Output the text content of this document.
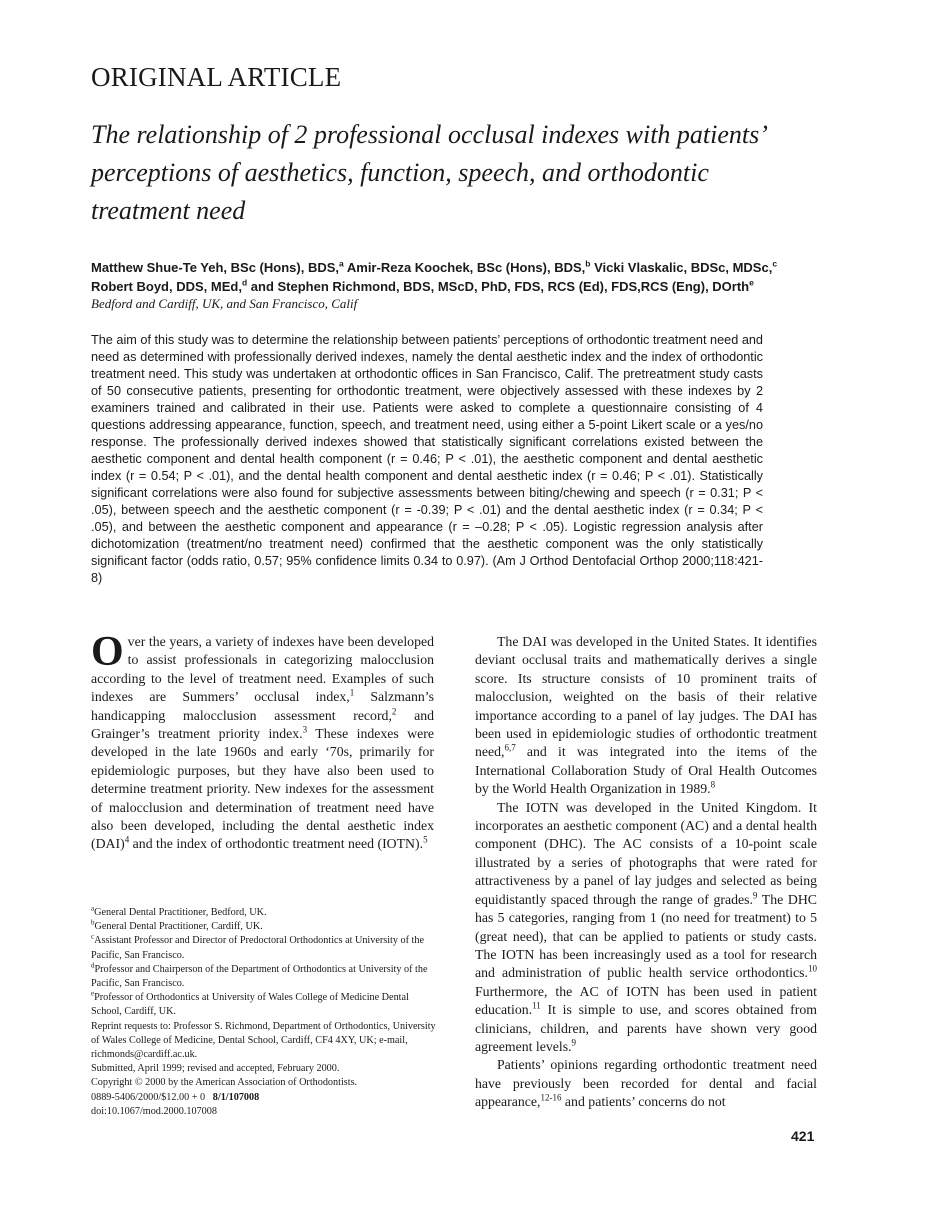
ORIGINAL ARTICLE
The relationship of 2 professional occlusal indexes with patients’ perceptions of aesthetics, function, speech, and orthodontic treatment need
Matthew Shue-Te Yeh, BSc (Hons), BDS,$^a$ Amir-Reza Koochek, BSc (Hons), BDS,$^b$ Vicki Vlaskalic, BDSc, MDSc,$^c$
Robert Boyd, DDS, MEd,$^d$ and Stephen Richmond, BDS, MScD, PhD, FDS, RCS (Ed), FDS,RCS (Eng), DOrth$^e$
Bedford and Cardiff, UK, and San Francisco, Calif
The aim of this study was to determine the relationship between patients’ perceptions of orthodontic treatment need and need as determined with professionally derived indexes, namely the dental aesthetic index and the index of orthodontic treatment need. This study was undertaken at orthodontic offices in San Francisco, Calif. The pretreatment study casts of 50 consecutive patients, presenting for orthodontic treatment, were objectively assessed with these indexes by 2 examiners trained and calibrated in their use. Patients were asked to complete a questionnaire consisting of 4 questions addressing appearance, function, speech, and treatment need, using either a 5-point Likert scale or a yes/no response. The professionally derived indexes showed that statistically significant correlations existed between the aesthetic component and dental health component (r = 0.46; P < .01), the aesthetic component and dental aesthetic index (r = 0.54; P < .01), and the dental health component and dental aesthetic index (r = 0.46; P < .01). Statistically significant correlations were also found for subjective assessments between biting/chewing and speech (r = 0.31; P < .05), between speech and the aesthetic component (r = -0.39; P < .01) and the dental aesthetic index (r = 0.34; P < .05), and between the aesthetic component and appearance (r = –0.28; P < .05). Logistic regression analysis after dichotomization (treatment/no treatment need) confirmed that the aesthetic component was the only statistically significant factor (odds ratio, 0.57; 95% confidence limits 0.34 to 0.97). (Am J Orthod Dentofacial Orthop 2000;118:421-8)

Over the years, a variety of indexes have been developed to assist professionals in categorizing malocclusion according to the level of treatment need. Examples of such indexes are Summers’ occlusal index,$^1$ Salzmann’s handicapping malocclusion assessment record,$^2$ and Grainger’s treatment priority index.$^3$ These indexes were developed in the late 1960s and early ‘70s, primarily for epidemiologic purposes, but they have also been used to determine treatment priority. New indexes for the assessment of malocclusion and determination of treatment need have also been developed, including the dental aesthetic index (DAI)$^4$ and the index of orthodontic treatment need (IOTN).$^5$

$^a$General Dental Practitioner, Bedford, UK.
$^b$General Dental Practitioner, Cardiff, UK.
$^c$Assistant Professor and Director of Predoctoral Orthodontics at University of the Pacific, San Francisco.
$^d$Professor and Chairperson of the Department of Orthodontics at University of the Pacific, San Francisco.
$^e$Professor of Orthodontics at University of Wales College of Medicine Dental School, Cardiff, UK.
Reprint requests to: Professor S. Richmond, Department of Orthodontics, University of Wales College of Medicine, Dental School, Cardiff, CF4 4XY, UK; e-mail, richmonds@cardiff.ac.uk.
Submitted, April 1999; revised and accepted, February 2000.
Copyright © 2000 by the American Association of Orthodontists.
0889-5406/2000/$12.00 + 0 8/1/107008
doi:10.1067/mod.2000.107008

The DAI was developed in the United States. It identifies deviant occlusal traits and mathematically derives a single score. Its structure consists of 10 prominent traits of malocclusion, weighted on the basis of their relative importance according to a panel of lay judges. The DAI has been used in epidemiologic studies of orthodontic treatment need,$^{6,7}$ and it was integrated into the items of the International Collaboration Study of Oral Health Outcomes by the World Health Organization in 1989.$^8$

The IOTN was developed in the United Kingdom. It incorporates an aesthetic component (AC) and a dental health component (DHC). The AC consists of a 10-point scale illustrated by a series of photographs that were rated for attractiveness by a panel of lay judges and selected as being equidistantly spaced through the range of grades.$^9$ The DHC has 5 categories, ranging from 1 (no need for treatment) to 5 (great need), that can be applied to patients or study casts. The IOTN has been increasingly used as a tool for research and administration of public health service orthodontics.$^{10}$ Furthermore, the AC of IOTN has been used in patient education.$^{11}$ It is simple to use, and scores obtained from clinicians, children, and parents have shown very good agreement levels.$^9$

Patients’ opinions regarding orthodontic treatment need have previously been recorded for dental and facial appearance,$^{12-16}$ and patients’ concerns do not

421
